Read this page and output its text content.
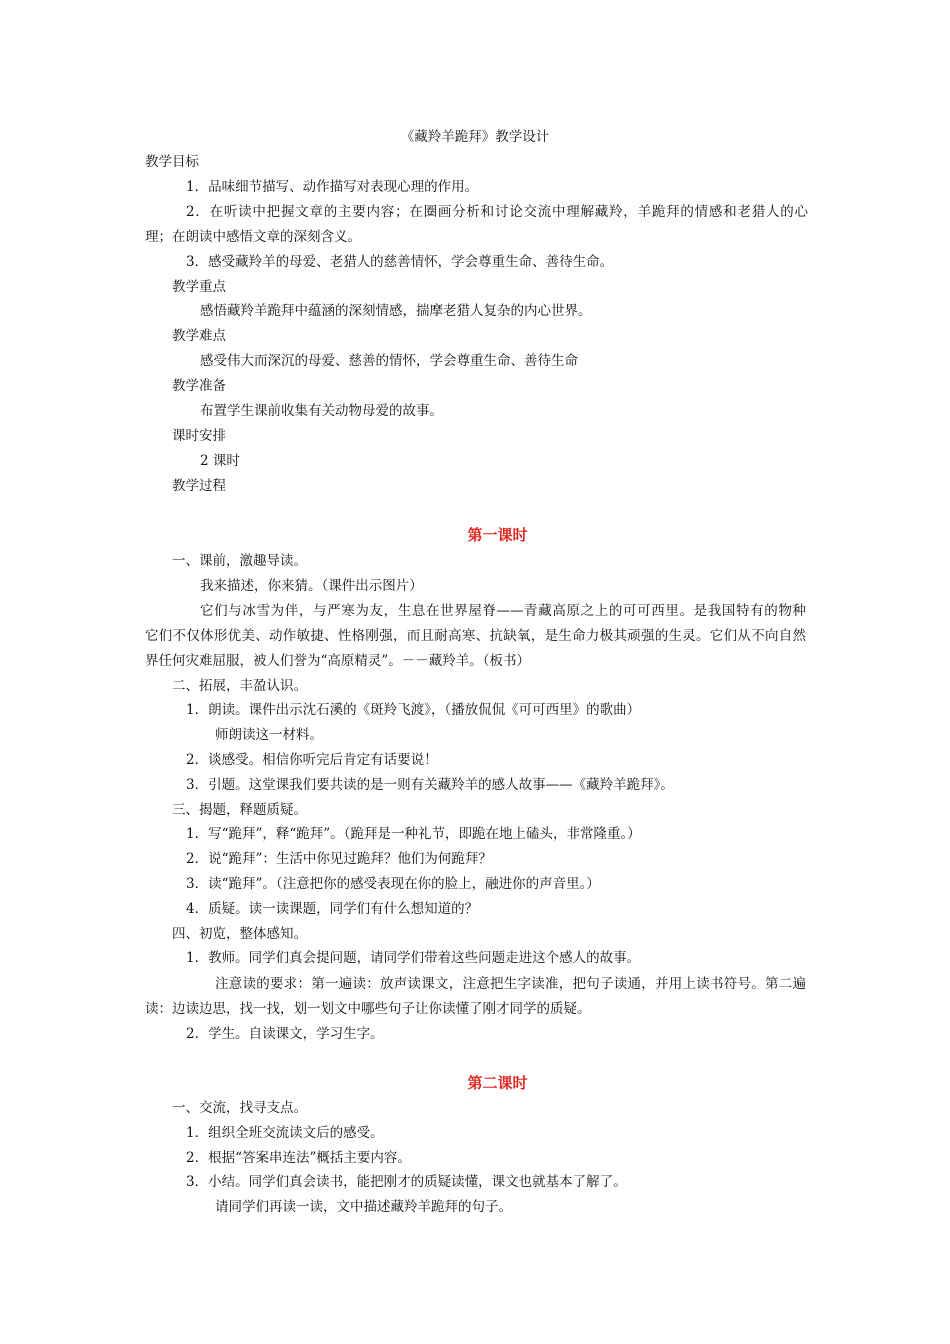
《藏羚羊跪拜》教学设计
教学目标
1．品味细节描写、动作描写对表现心理的作用。
2．在听读中把握文章的主要内容；在圈画分析和讨论交流中理解藏羚，羊跪拜的情感和老猎人的心
理；在朗读中感悟文章的深刻含义。
3．感受藏羚羊的母爱、老猎人的慈善情怀，学会尊重生命、善待生命。
教学重点
感悟藏羚羊跪拜中蕴涵的深刻情感，揣摩老猎人复杂的内心世界。
教学难点
感受伟大而深沉的母爱、慈善的情怀，学会尊重生命、善待生命
教学准备
布置学生课前收集有关动物母爱的故事。
课时安排
2 课时
教学过程
第一课时
一、课前，激趣导读。
我来描述，你来猜。（课件出示图片）
它们与冰雪为伴，与严寒为友，生息在世界屋脊——青藏高原之上的可可西里。是我国特有的物种
它们不仅体形优美、动作敏捷、性格刚强，而且耐高寒、抗缺氧，是生命力极其顽强的生灵。它们从不向自然
界任何灾难屈服，被人们誉为“高原精灵”。－－藏羚羊。（板书）
二、拓展，丰盈认识。
1．朗读。课件出示沈石溪的《斑羚飞渡》，（播放侃侃《可可西里》的歌曲）
师朗读这一材料。
2．谈感受。相信你听完后肯定有话要说！
3．引题。这堂课我们要共读的是一则有关藏羚羊的感人故事——《藏羚羊跪拜》。
三、揭题，释题质疑。
1．写“跪拜”，释“跪拜”。（跪拜是一种礼节，即跪在地上磕头，非常隆重。）
2．说“跪拜”：生活中你见过跪拜？他们为何跪拜？
3．读“跪拜”。（注意把你的感受表现在你的脸上，融进你的声音里。）
4．质疑。读一读课题，同学们有什么想知道的？
四、初览，整体感知。
1．教师。同学们真会提问题，请同学们带着这些问题走进这个感人的故事。
注意读的要求：第一遍读：放声读课文，注意把生字读准，把句子读通，并用上读书符号。第二遍
读：边读边思，找一找，划一划文中哪些句子让你读懂了刚才同学的质疑。
2．学生。自读课文，学习生字。
第二课时
一、交流，找寻支点。
1．组织全班交流读文后的感受。
2．根据“答案串连法”概括主要内容。
3．小结。同学们真会读书，能把刚才的质疑读懂，课文也就基本了解了。
请同学们再读一读，文中描述藏羚羊跪拜的句子。
